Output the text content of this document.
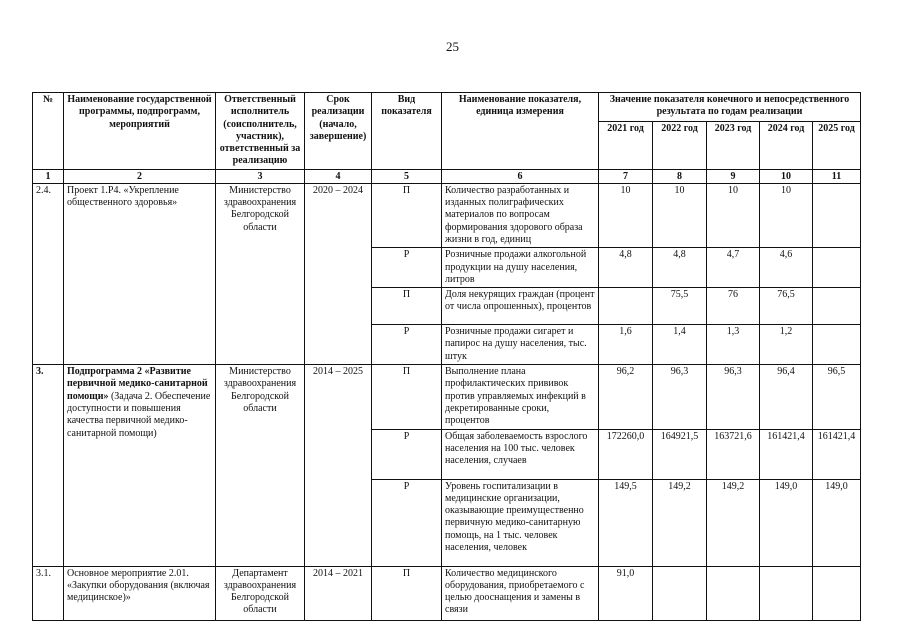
25
№	Наименование государственной программы, подпрограмм, мероприятий	Ответственный исполнитель (соисполнитель, участник), ответственный за реализацию	Срок реализации (начало, завершение)	Вид показателя	Наименование показателя, единица измерения	Значение показателя конечного и непосредственного результата по годам реализации				
						2021 год	2022 год	2023 год	2024 год	2025 год
1	2	3	4	5	6	7	8	9	10	11
2.4.	Проект 1.Р4. «Укрепление общественного здоровья»	Министерство здравоохранения Белгородской области	2020 – 2024	П	Количество разработанных и изданных полиграфических материалов по вопросам формирования здорового образа жизни в год, единиц	10	10	10	10	
				Р	Розничные продажи алкогольной продукции на душу населения, литров	4,8	4,8	4,7	4,6	
				П	Доля некурящих граждан (процент от числа опрошенных), процентов		75,5	76	76,5	
				Р	Розничные продажи сигарет и папирос на душу населения, тыс. штук	1,6	1,4	1,3	1,2	
3.	Подпрограмма 2 «Развитие первичной медико-санитарной помощи» (Задача 2. Обеспечение доступности и повышения качества первичной медико-санитарной помощи)	Министерство здравоохранения Белгородской области	2014 – 2025	П	Выполнение плана профилактических прививок против управляемых инфекций в декретированные сроки, процентов	96,2	96,3	96,3	96,4	96,5
				Р	Общая заболеваемость взрослого населения на 100 тыс. человек населения, случаев	172260,0	164921,5	163721,6	161421,4	161421,4
				Р	Уровень госпитализации в медицинские организации, оказывающие преимущественно первичную медико-санитарную помощь, на 1 тыс. человек населения, человек	149,5	149,2	149,2	149,0	149,0
3.1.	Основное мероприятие 2.01. «Закупки оборудования (включая медицинское)»	Департамент здравоохранения Белгородской области	2014 – 2021	П	Количество медицинского оборудования, приобретаемого с целью дооснащения и замены в связи	91,0				
